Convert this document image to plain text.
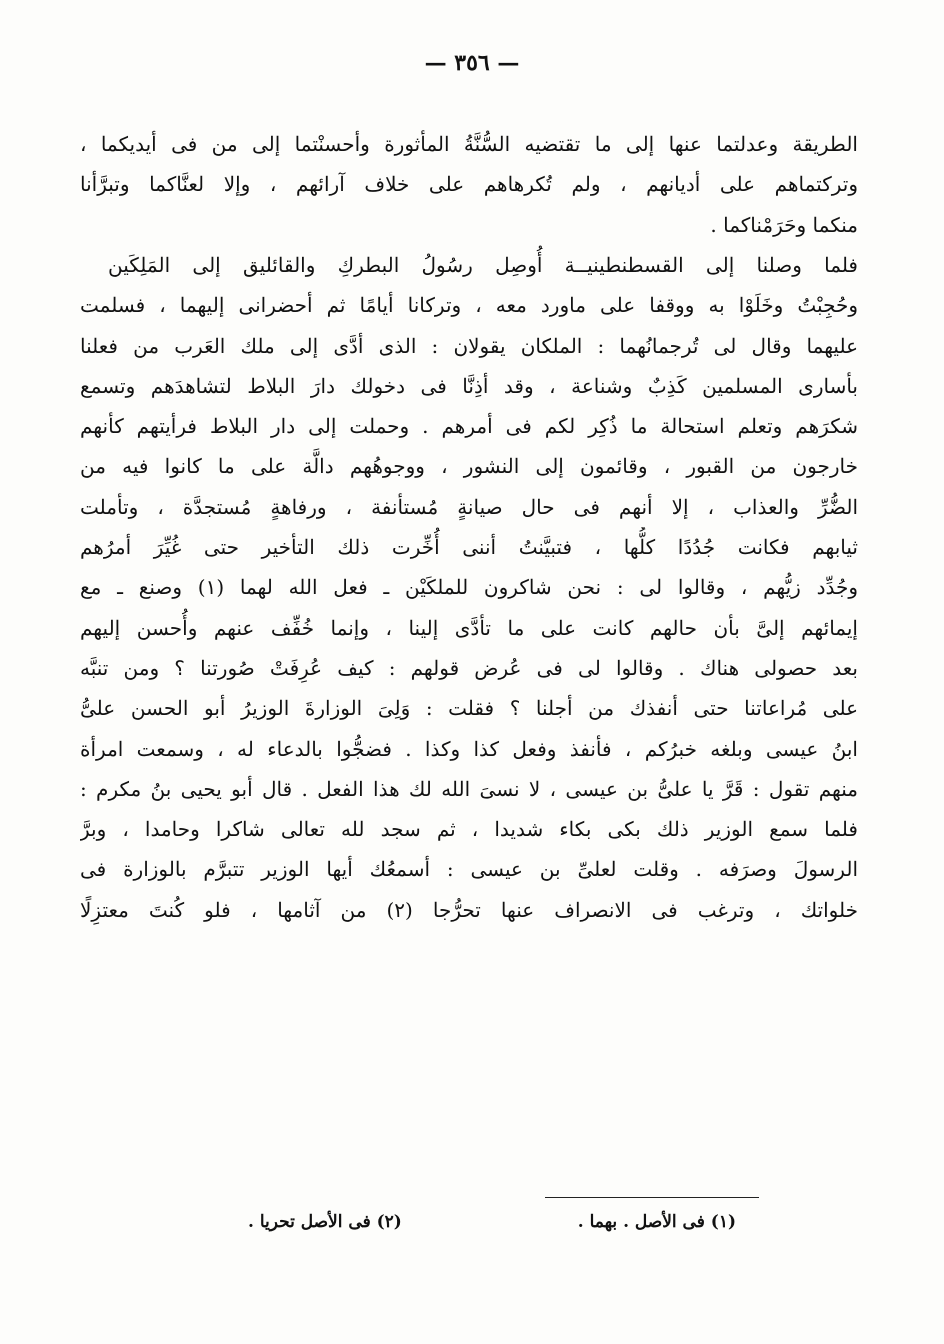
— ٣٥٦ —
الطريقة وعدلتما عنها إلى ما تقتضيه السُّنَّةُ المأثورة وأحسنْتما إلى من فى أيديكما ،
وتركتماهم على أديانهم ، ولم تُكرهاهم على خلاف آرائهم ، وإلا لعنَّاكما وتبرَّأنا
منكما وحَرَمْناكما .
فلما وصلنا إلى القسطنطينيــة أُوصِل رسُولُ البطركِ والقائليق إلى المَلِكَين
وحُجِبْتُ وخَلَوْا به ووقفا على ماورد معه ، وتركانا أيامًا ثم أحضرانى إليهما ، فسلمت
عليهما وقال لى تُرجمانُهما : الملكان يقولان : الذى أدَّى إلى ملك العَرب من فعلنا
بأسارى المسلمين كَذِبٌ وشناعة ، وقد أذِنَّا فى دخولك دارَ البلاط لتشاهدَهم وتسمع
شكرَهم وتعلم استحالة ما ذُكِر لكم فى أمرهم . وحملت إلى دار البلاط فرأيتهم كأنهم
خارجون من القبور ، وقائمون إلى النشور ، ووجوهُهم دالَّة على ما كانوا فيه من
الضُّرِّ والعذاب ، إلا أنهم فى حال صيانةٍ مُستأنفة ، ورفاهةٍ مُستجدَّة ، وتأملت
ثيابهم فكانت جُدُدًا كلُّها ، فتبيَّنتُ أننى أُخِّرت ذلك التأخير حتى غُيِّرَ أمرُهم
وجُدِّد زيُّهم ، وقالوا لى : نحن شاكرون للملكَيْن ـ فعل الله لهما (١) وصنع ـ مع
إيمائهم إلىَّ بأن حالهم كانت على ما تأدَّى إلينا ، وإنما خُفِّف عنهم وأُحسن إليهم
بعد حصولى هناك . وقالوا لى فى عُرض قولهم : كيف عُرِفَتْ صُورتنا ؟ ومن تنبَّه
على مُراعاتنا حتى أنفذك من أجلنا ؟ فقلت : وَلِىَ الوزارةَ الوزيرُ أبو الحسن علىُّ
ابنُ عيسى وبلغه خبرُكم ، فأنفذ وفعل كذا وكذا . فضجُّوا بالدعاء له ، وسمعت امرأة
منهم تقول : قَرَّ يا علىُّ بن عيسى ، لا نسىَ الله لك هذا الفعل . قال أبو يحيى بنُ مكرم :
فلما سمع الوزير ذلك بكى بكاء شديدا ، ثم سجد لله تعالى شاكرا وحامدا ، وبرَّ
الرسولَ وصرَفه . وقلت لعلىِّ بن عيسى : أسمعُك أيها الوزير تتبرَّم بالوزارة فى
خلواتك ، وترغب فى الانصراف عنها تحرُّجا (٢) من آثامها ، فلو كُنتَ معتزِلًا
(١) فى الأصل . بهما .
(٢) فى الأصل تحريا .
